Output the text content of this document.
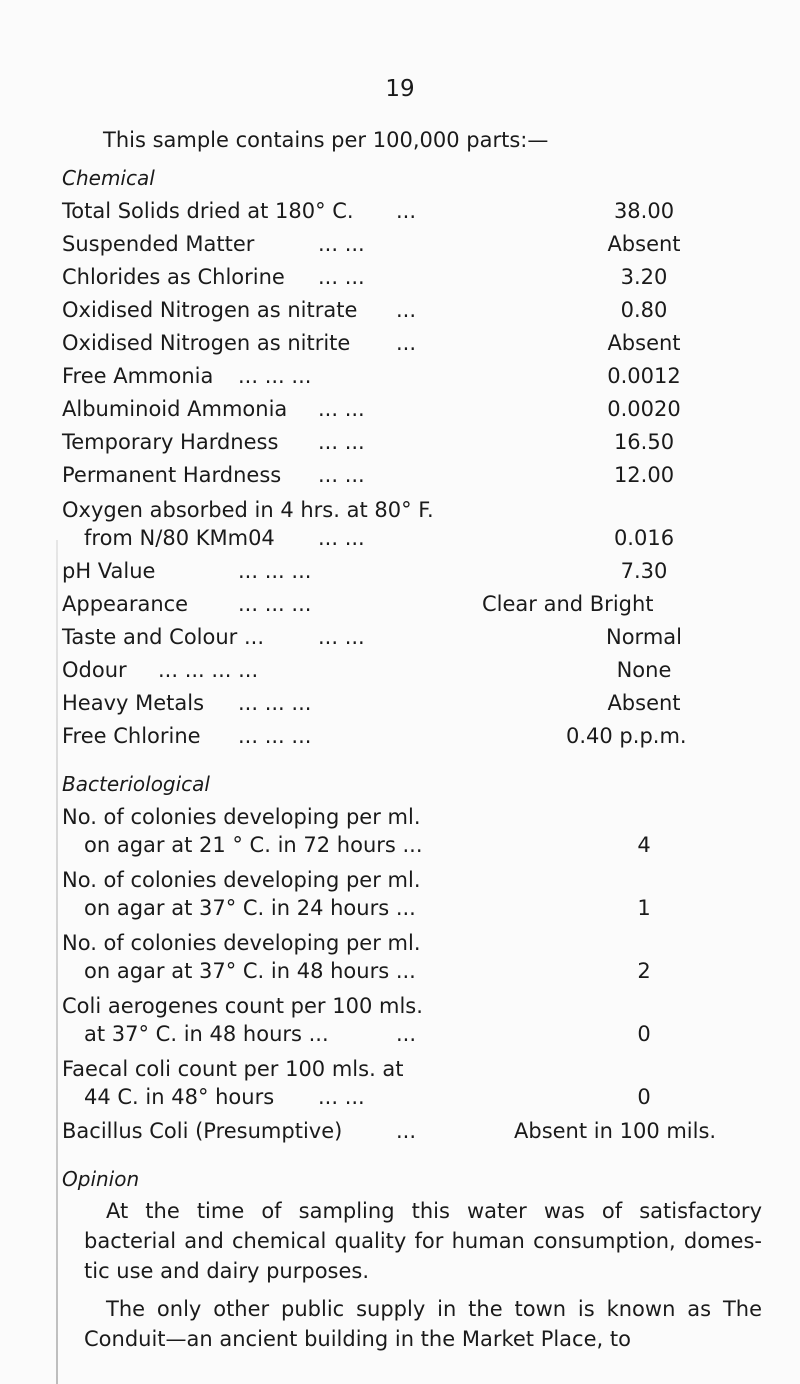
19
This sample contains per 100,000 parts:—
Chemical
Total Solids dried at 180° C. ...	38.00
Suspended Matter	... ...	Absent
Chlorides as Chlorine ... ...	3.20
Oxidised Nitrogen as nitrate ...	0.80
Oxidised Nitrogen as nitrite ...	Absent
Free Ammonia ... ... ...	0.0012
Albuminoid Ammonia ... ...	0.0020
Temporary Hardness ... ...	16.50
Permanent Hardness ... ...	12.00
Oxygen absorbed in 4 hrs. at 80° F.
from N/80 KMm04 ... ...	0.016
pH Value	... ... ...	7.30
Appearance ... ... ...	Clear and Bright
Taste and Colour ...	... ...	Normal
Odour ... ... ... ...	None
Heavy Metals ... ... ...	Absent
Free Chlorine ... ... ...	0.40 p.p.m.
Bacteriological
No. of colonies developing per ml.
on agar at 21 ° C. in 72 hours ...	4
No. of colonies developing per ml.
on agar at 37° C. in 24 hours ...	1
No. of colonies developing per ml.
on agar at 37° C. in 48 hours ...	2
Coli aerogenes count per 100 mls.
at 37° C. in 48 hours ...	...	0
Faecal coli count per 100 mls. at
44 C. in 48° hours ... ...	0
Bacillus Coli (Presumptive)	...	Absent in 100 mils.
Opinion
At the time of sampling this water was of satisfactory bacterial and chemical quality for human consumption, domes- tic use and dairy purposes.
The only other public supply in the town is known as The Conduit—an ancient building in the Market Place, to
